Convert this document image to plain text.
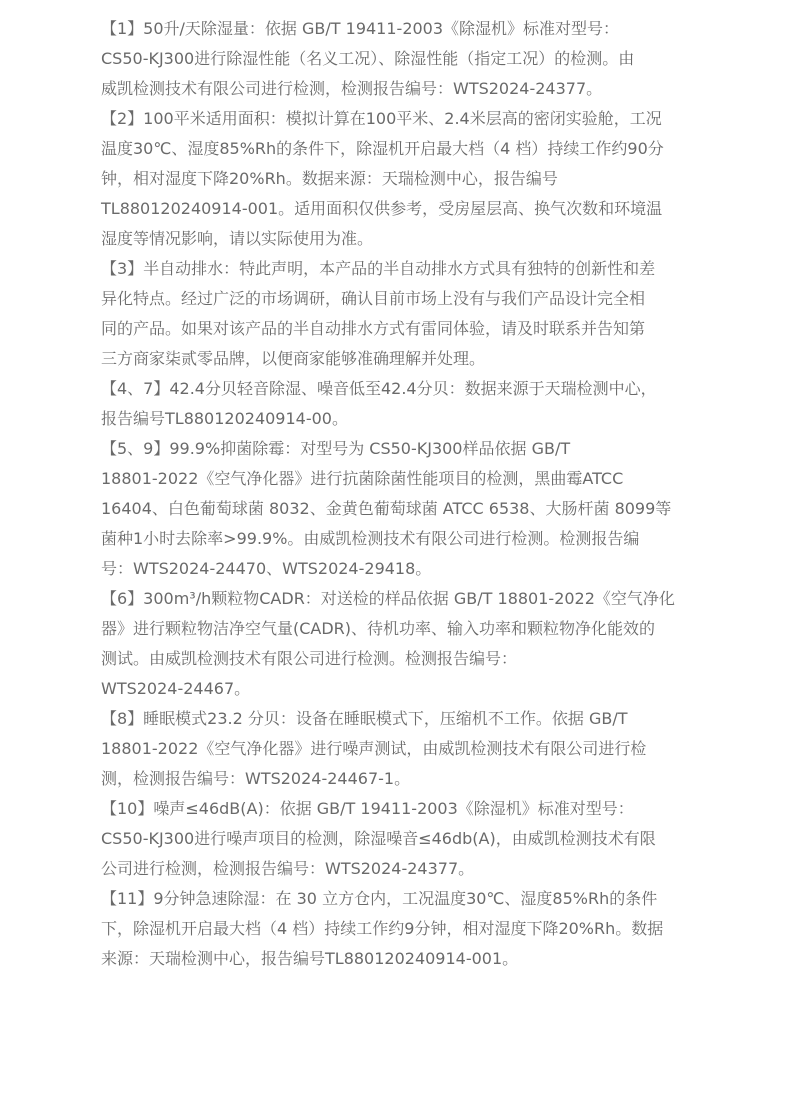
【1】50升/天除湿量：依据 GB/T 19411-2003《除湿机》标准对型号：
CS50-KJ300进行除湿性能（名义工况）、除湿性能（指定工况）的检测。由
威凯检测技术有限公司进行检测，检测报告编号：WTS2024-24377。
【2】100平米适用面积：模拟计算在100平米、2.4米层高的密闭实验舱，工况
温度30℃、湿度85%Rh的条件下，除湿机开启最大档（4 档）持续工作约90分
钟，相对湿度下降20%Rh。数据来源：天瑞检测中心，报告编号
TL880120240914-001。适用面积仅供参考，受房屋层高、换气次数和环境温
湿度等情况影响，请以实际使用为准。
【3】半自动排水：特此声明，本产品的半自动排水方式具有独特的创新性和差
异化特点。经过广泛的市场调研，确认目前市场上没有与我们产品设计完全相
同的产品。如果对该产品的半自动排水方式有雷同体验，请及时联系并告知第
三方商家柒贰零品牌，以便商家能够准确理解并处理。
【4、7】42.4分贝轻音除湿、噪音低至42.4分贝：数据来源于天瑞检测中心，
报告编号TL880120240914-00。
【5、9】99.9%抑菌除霉：对型号为 CS50-KJ300样品依据 GB/T
18801-2022《空气净化器》进行抗菌除菌性能项目的检测，黑曲霉ATCC
16404、白色葡萄球菌 8032、金黄色葡萄球菌 ATCC 6538、大肠杆菌 8099等
菌种1小时去除率>99.9%。由威凯检测技术有限公司进行检测。检测报告编
号：WTS2024-24470、WTS2024-29418。
【6】300m³/h颗粒物CADR：对送检的样品依据 GB/T 18801-2022《空气净化
器》进行颗粒物洁净空气量(CADR)、待机功率、输入功率和颗粒物净化能效的
测试。由威凯检测技术有限公司进行检测。检测报告编号：
WTS2024-24467。
【8】睡眠模式23.2 分贝：设备在睡眠模式下，压缩机不工作。依据 GB/T
18801-2022《空气净化器》进行噪声测试，由威凯检测技术有限公司进行检
测，检测报告编号：WTS2024-24467-1。
【10】噪声≤46dB(A)：依据 GB/T 19411-2003《除湿机》标准对型号：
CS50-KJ300进行噪声项目的检测，除湿噪音≤46db(A)，由威凯检测技术有限
公司进行检测，检测报告编号：WTS2024-24377。
【11】9分钟急速除湿：在 30 立方仓内，工况温度30℃、湿度85%Rh的条件
下，除湿机开启最大档（4 档）持续工作约9分钟，相对湿度下降20%Rh。数据
来源：天瑞检测中心，报告编号TL880120240914-001。
